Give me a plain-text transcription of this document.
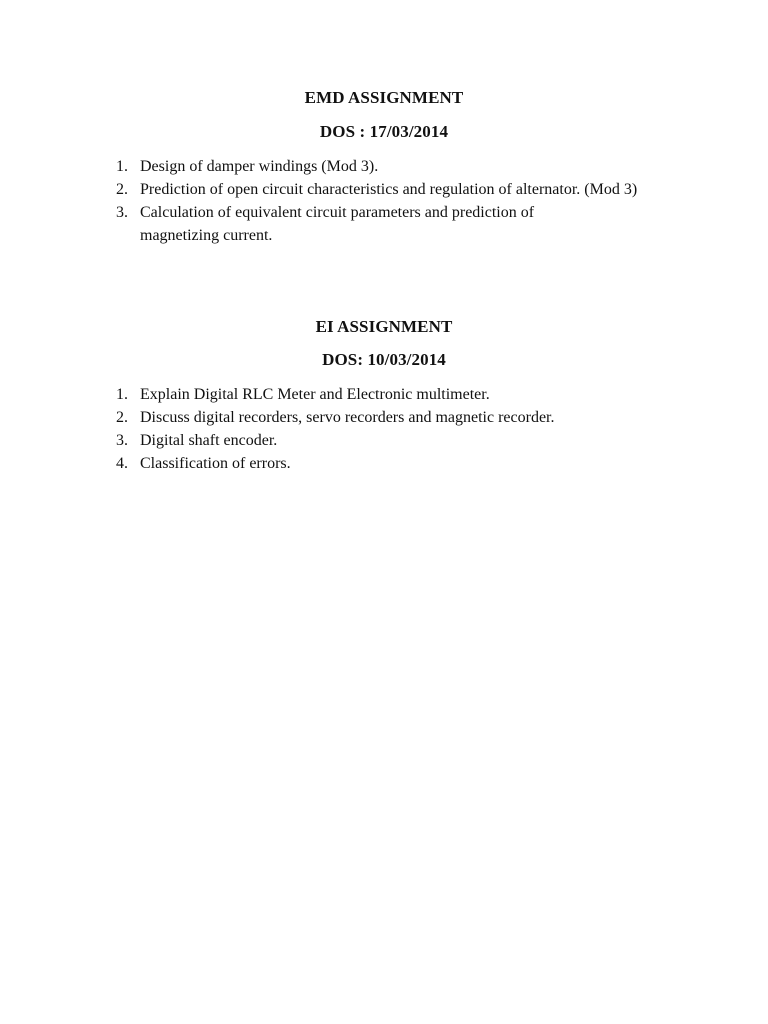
EMD ASSIGNMENT
DOS : 17/03/2014
1. Design of damper windings (Mod 3).
2. Prediction of open circuit characteristics and regulation of alternator. (Mod 3)
3. Calculation of equivalent circuit parameters and prediction of magnetizing current.
EI ASSIGNMENT
DOS: 10/03/2014
1. Explain Digital RLC Meter and Electronic multimeter.
2. Discuss digital recorders, servo recorders and magnetic recorder.
3. Digital shaft encoder.
4. Classification of errors.
